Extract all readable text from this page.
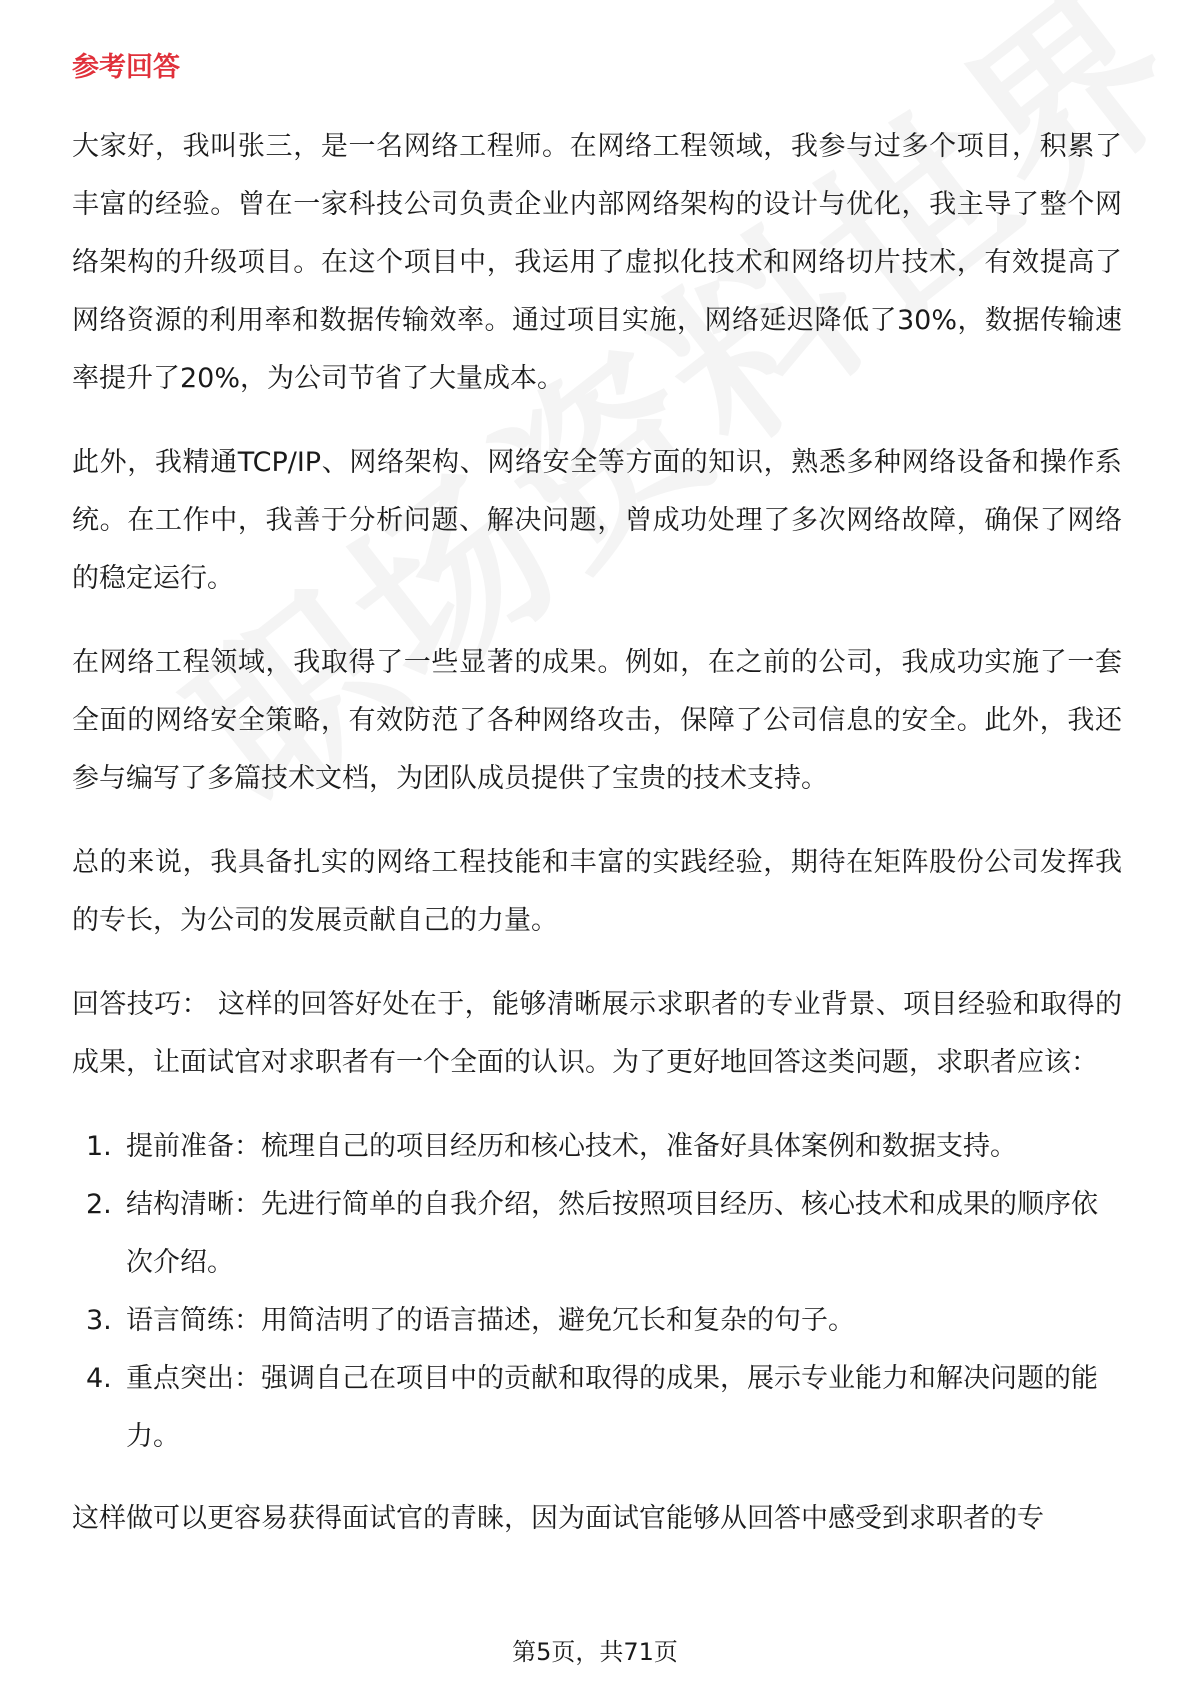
参考回答

大家好，我叫张三，是一名网络工程师。在网络工程领域，我参与过多个项目，积累了丰富的经验。曾在一家科技公司负责企业内部网络架构的设计与优化，我主导了整个网络架构的升级项目。在这个项目中，我运用了虚拟化技术和网络切片技术，有效提高了网络资源的利用率和数据传输效率。通过项目实施，网络延迟降低了30%，数据传输速率提升了20%，为公司节省了大量成本。

此外，我精通TCP/IP、网络架构、网络安全等方面的知识，熟悉多种网络设备和操作系统。在工作中，我善于分析问题、解决问题，曾成功处理了多次网络故障，确保了网络的稳定运行。

在网络工程领域，我取得了一些显著的成果。例如，在之前的公司，我成功实施了一套全面的网络安全策略，有效防范了各种网络攻击，保障了公司信息的安全。此外，我还参与编写了多篇技术文档，为团队成员提供了宝贵的技术支持。

总的来说，我具备扎实的网络工程技能和丰富的实践经验，期待在矩阵股份公司发挥我的专长，为公司的发展贡献自己的力量。

回答技巧： 这样的回答好处在于，能够清晰展示求职者的专业背景、项目经验和取得的成果，让面试官对求职者有一个全面的认识。为了更好地回答这类问题，求职者应该：

1. 提前准备：梳理自己的项目经历和核心技术，准备好具体案例和数据支持。
2. 结构清晰：先进行简单的自我介绍，然后按照项目经历、核心技术和成果的顺序依次介绍。
3. 语言简练：用简洁明了的语言描述，避免冗长和复杂的句子。
4. 重点突出：强调自己在项目中的贡献和取得的成果，展示专业能力和解决问题的能力。

这样做可以更容易获得面试官的青睐，因为面试官能够从回答中感受到求职者的专

第5页，共71页
